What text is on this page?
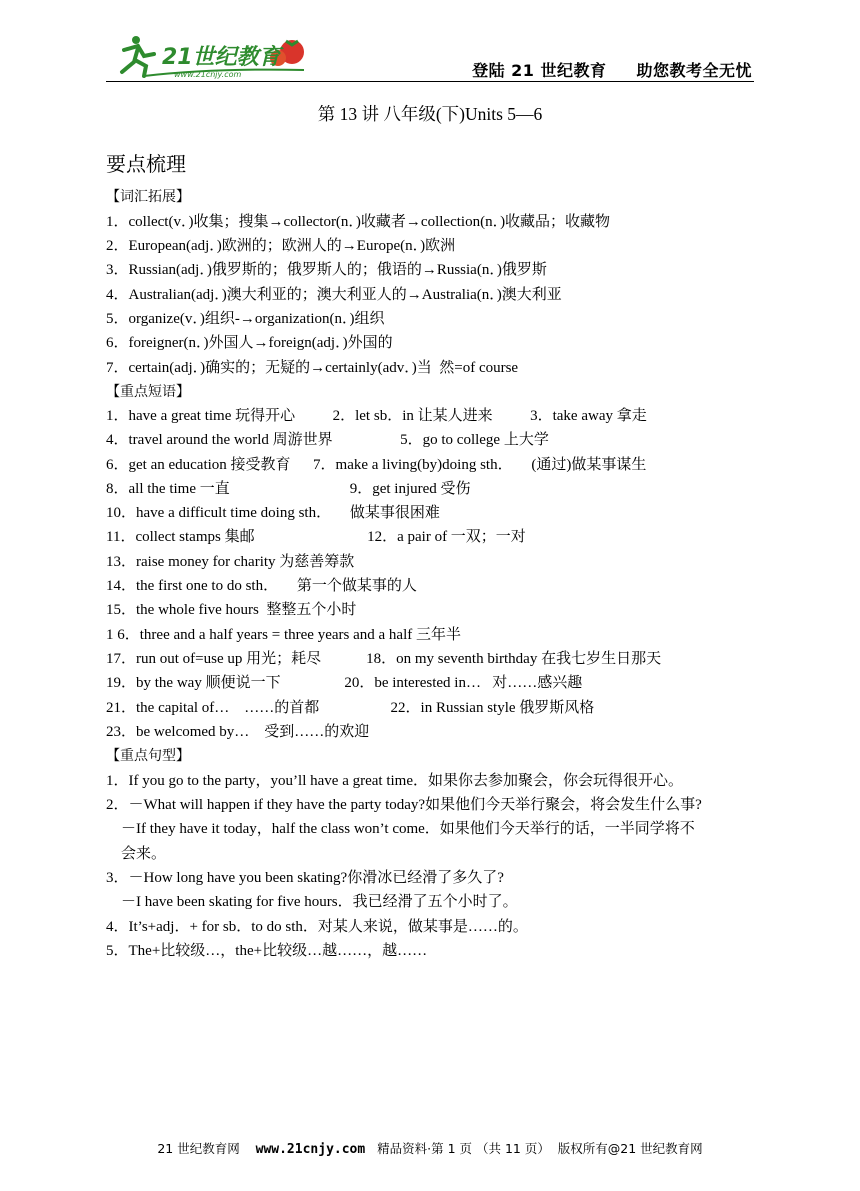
21世纪教育
www.21cnjy.com	登陆 21 世纪教育 助您教考全无忧
第 13 讲 八年级(下)Units 5—6
要点梳理
【词汇拓展】
1．collect(v．)收集；搜集→collector(n．)收藏者→collection(n．)收藏品；收藏物
2．European(adj．)欧洲的；欧洲人的→Europe(n．)欧洲
3．Russian(adj．)俄罗斯的；俄罗斯人的；俄语的→Russia(n．)俄罗斯
4．Australian(adj．)澳大利亚的；澳大利亚人的→Australia(n．)澳大利亚
5．organize(v．)组织-→organization(n．)组织
6．foreigner(n．)外国人→foreign(adj．)外国的
7．certain(adj．)确实的；无疑的→certainly(adv．)当  然=of course
【重点短语】
1．have a great time 玩得开心          2．let sb．in 让某人进来          3．take away 拿走
4．travel around the world 周游世界                  5．go to college 上大学
6．get an education 接受教育      7．make a living(by)doing sth．     (通过)做某事谋生
8．all the time 一直                                9．get injured 受伤
10．have a difficult time doing sth．     做某事很困难
11．collect stamps 集邮                              12．a pair of 一双；一对
13．raise money for charity 为慈善筹款
14．the first one to do sth．     第一个做某事的人
15．the whole five hours  整整五个小时
1 6．three and a half years = three years and a half 三年半
17．run out of=use up 用光；耗尽            18．on my seventh birthday 在我七岁生日那天
19．by the way 顺便说一下                 20．be interested in…   对……感兴趣
21．the capital of…    ……的首都                   22．in Russian style 俄罗斯风格
23．be welcomed by…    受到……的欢迎
【重点句型】
1．If you go to the party，you’ll have a great time．如果你去参加聚会，你会玩得很开心。
2．－What will happen if they have the party today?如果他们今天举行聚会，将会发生什么事?
－If they have it today，half the class won’t come．如果他们今天举行的话，一半同学将不
会来。
3．－How long have you been skating?你滑冰已经滑了多久了?
－I have been skating for five hours．我已经滑了五个小时了。
4．It’s+adj．+ for sb．to do sth．对某人来说，做某事是……的。
5．The+比较级…，the+比较级…越……，越……
21 世纪教育网 www.21cnjy.com 精品资料·第 1 页 （共 11 页） 版权所有@21 世纪教育网
